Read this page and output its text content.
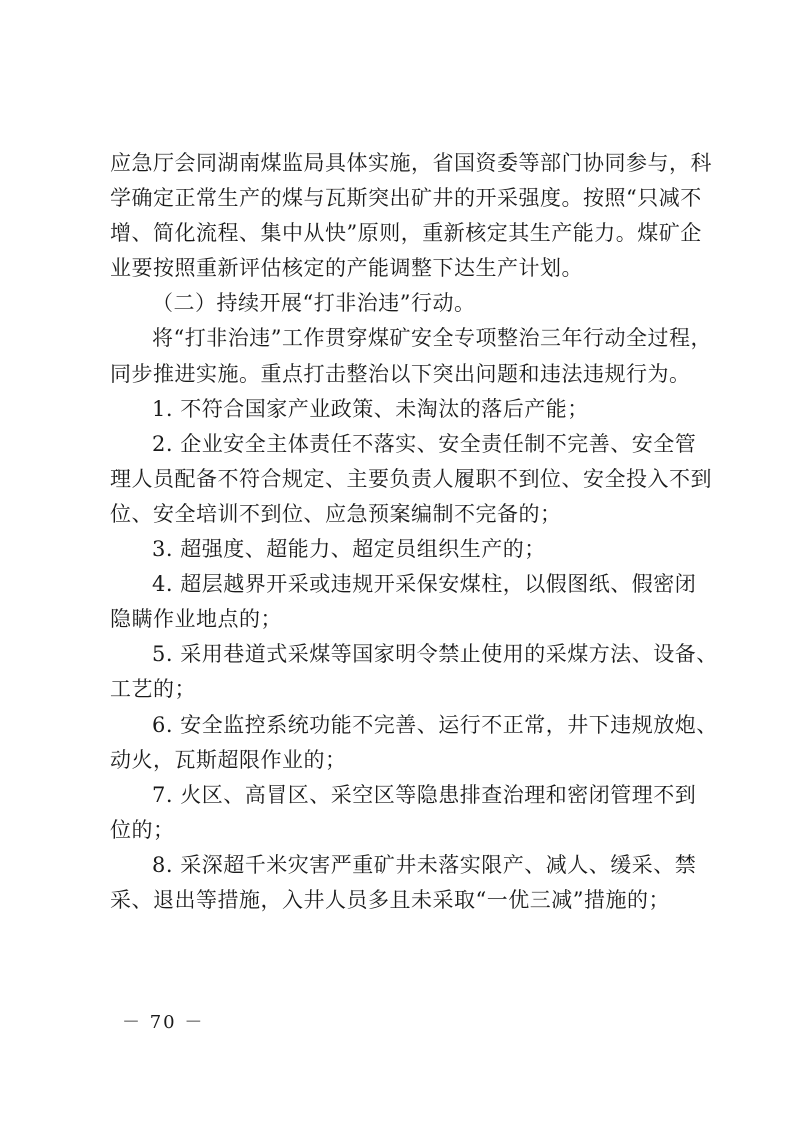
应急厅会同湖南煤监局具体实施，省国资委等部门协同参与，科
学确定正常生产的煤与瓦斯突出矿井的开采强度。按照“只减不
增、简化流程、集中从快”原则，重新核定其生产能力。煤矿企
业要按照重新评估核定的产能调整下达生产计划。
（二）持续开展“打非治违”行动。
将“打非治违”工作贯穿煤矿安全专项整治三年行动全过程，
同步推进实施。重点打击整治以下突出问题和违法违规行为。
1. 不符合国家产业政策、未淘汰的落后产能；
2. 企业安全主体责任不落实、安全责任制不完善、安全管
理人员配备不符合规定、主要负责人履职不到位、安全投入不到
位、安全培训不到位、应急预案编制不完备的；
3. 超强度、超能力、超定员组织生产的；
4. 超层越界开采或违规开采保安煤柱，以假图纸、假密闭
隐瞒作业地点的；
5. 采用巷道式采煤等国家明令禁止使用的采煤方法、设备、
工艺的；
6. 安全监控系统功能不完善、运行不正常，井下违规放炮、
动火，瓦斯超限作业的；
7. 火区、高冒区、采空区等隐患排查治理和密闭管理不到
位的；
8. 采深超千米灾害严重矿井未落实限产、减人、缓采、禁
采、退出等措施，入井人员多且未采取“一优三减”措施的；
－ 70 －
